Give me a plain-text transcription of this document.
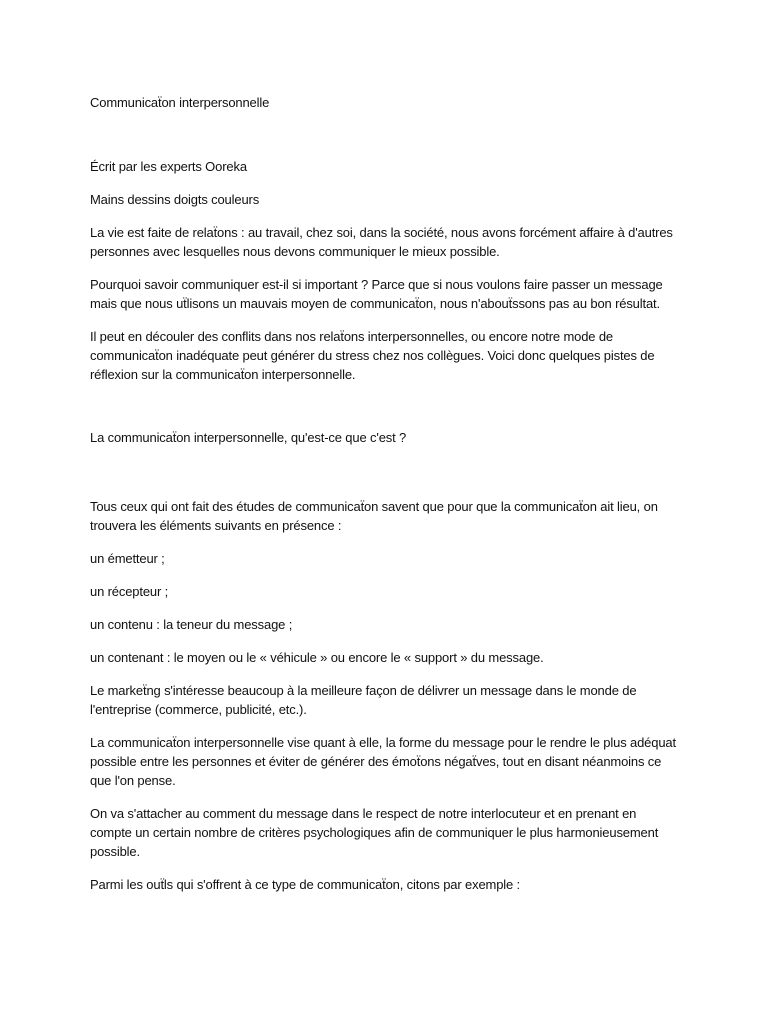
Communicaẗon interpersonnelle

Écrit par les experts Ooreka

Mains dessins doigts couleurs

La vie est faite de relaẗons : au travail, chez soi, dans la société, nous avons forcément affaire à d'autres personnes avec lesquelles nous devons communiquer le mieux possible.

Pourquoi savoir communiquer est-il si important ? Parce que si nous voulons faire passer un message mais que nous uẗlisons un mauvais moyen de communicaẗon, nous n'abouẗssons pas au bon résultat.

Il peut en découler des conflits dans nos relaẗons interpersonnelles, ou encore notre mode de communicaẗon inadéquate peut générer du stress chez nos collègues. Voici donc quelques pistes de réflexion sur la communicaẗon interpersonnelle.

La communicaẗon interpersonnelle, qu'est-ce que c'est ?

Tous ceux qui ont fait des études de communicaẗon savent que pour que la communicaẗon ait lieu, on trouvera les éléments suivants en présence :

un émetteur ;

un récepteur ;

un contenu : la teneur du message ;

un contenant : le moyen ou le « véhicule » ou encore le « support » du message.

Le markeẗng s'intéresse beaucoup à la meilleure façon de délivrer un message dans le monde de l'entreprise (commerce, publicité, etc.).

La communicaẗon interpersonnelle vise quant à elle, la forme du message pour le rendre le plus adéquat possible entre les personnes et éviter de générer des émoẗons négaẗves, tout en disant néanmoins ce que l'on pense.

On va s'attacher au comment du message dans le respect de notre interlocuteur et en prenant en compte un certain nombre de critères psychologiques afin de communiquer le plus harmonieusement possible.

Parmi les ouẗls qui s'offrent à ce type de communicaẗon, citons par exemple :
